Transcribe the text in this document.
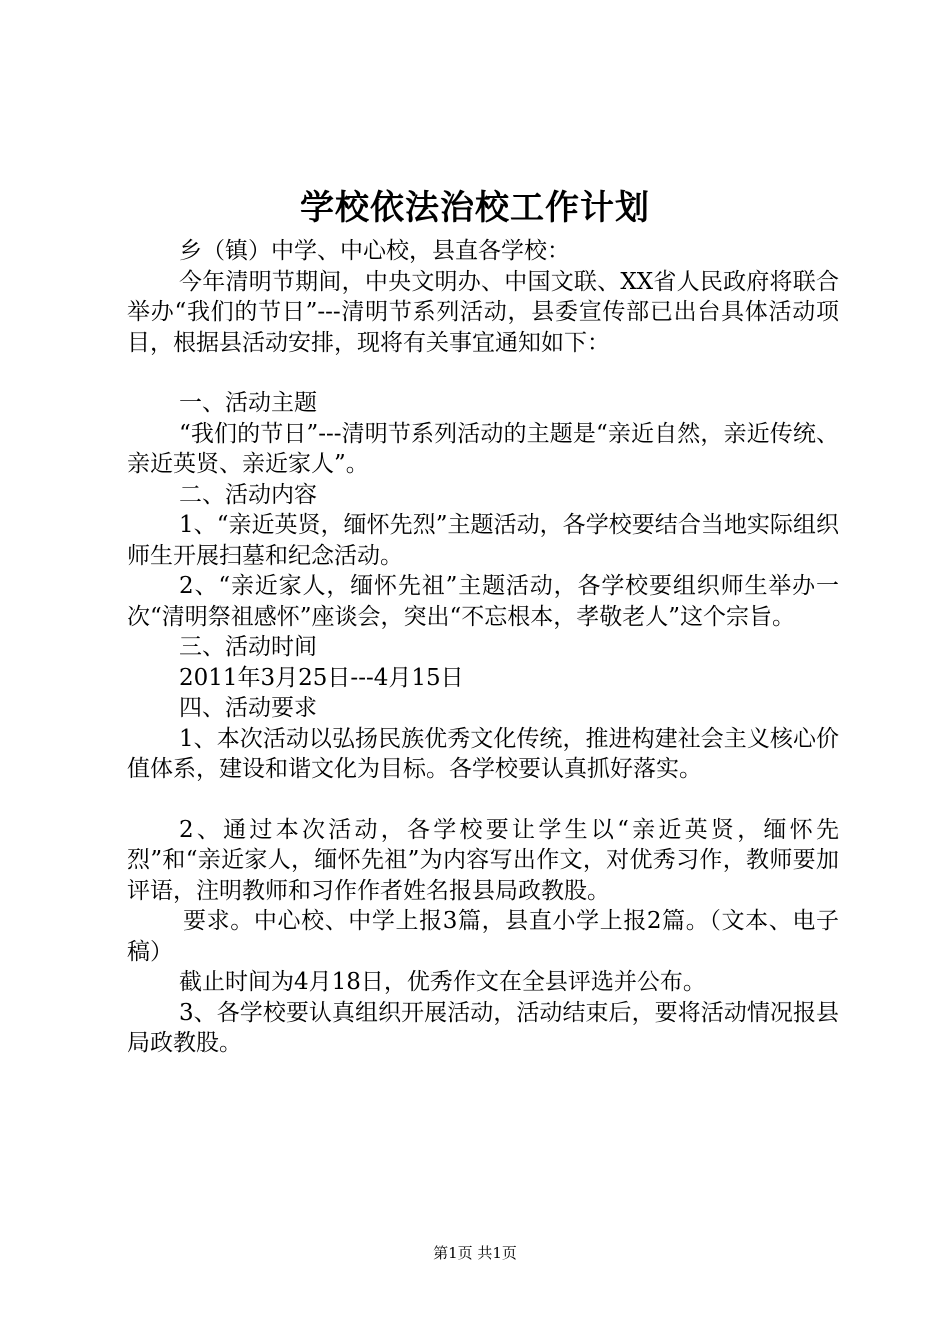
学校依法治校工作计划

乡（镇）中学、中心校，县直各学校：

今年清明节期间，中央文明办、中国文联、XX省人民政府将联合举办“我们的节日”---清明节系列活动，县委宣传部已出台具体活动项目，根据县活动安排，现将有关事宜通知如下：

一、活动主题

“我们的节日”---清明节系列活动的主题是“亲近自然，亲近传统、亲近英贤、亲近家人”。

二、活动内容

1、“亲近英贤，缅怀先烈”主题活动，各学校要结合当地实际组织师生开展扫墓和纪念活动。

2、“亲近家人，缅怀先祖”主题活动，各学校要组织师生举办一次“清明祭祖感怀”座谈会，突出“不忘根本，孝敬老人”这个宗旨。

三、活动时间

2011年3月25日---4月15日

四、活动要求

1、本次活动以弘扬民族优秀文化传统，推进构建社会主义核心价值体系，建设和谐文化为目标。各学校要认真抓好落实。

2、通过本次活动，各学校要让学生以“亲近英贤，缅怀先烈”和“亲近家人，缅怀先祖”为内容写出作文，对优秀习作，教师要加评语，注明教师和习作作者姓名报县局政教股。

要求。中心校、中学上报3篇，县直小学上报2篇。（文本、电子稿）

截止时间为4月18日，优秀作文在全县评选并公布。

3、各学校要认真组织开展活动，活动结束后，要将活动情况报县局政教股。

第1页 共1页
